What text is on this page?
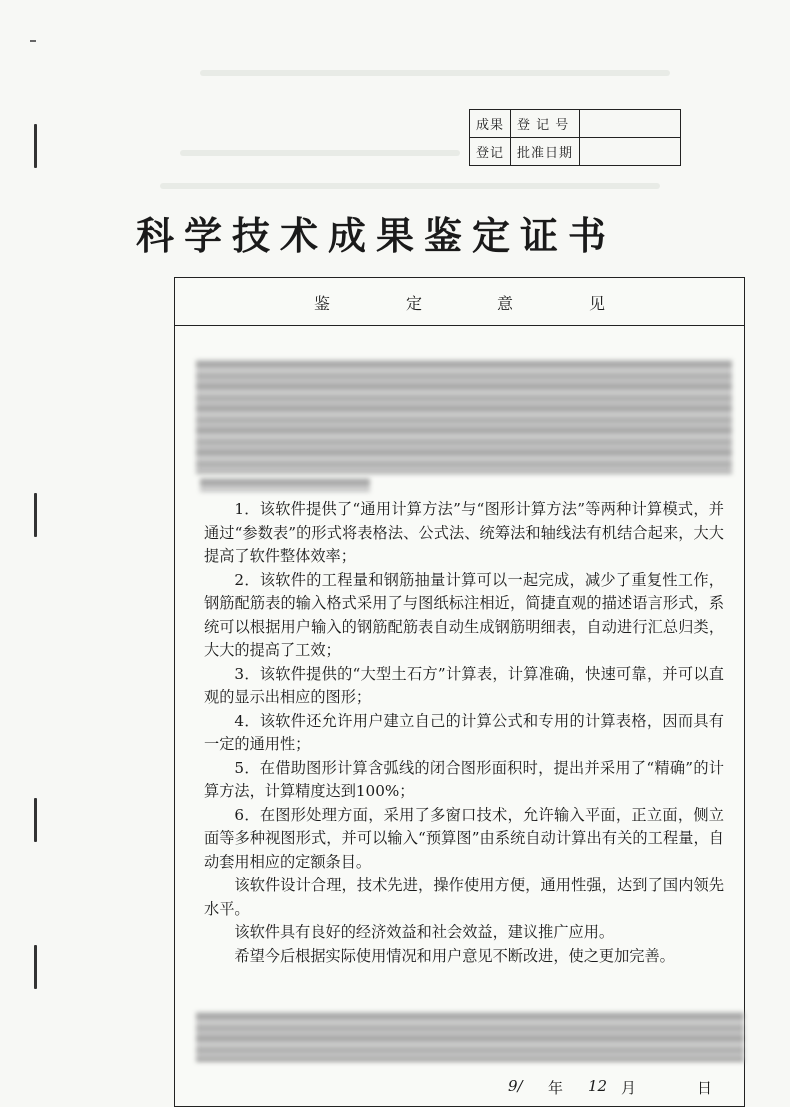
成果	登 记 号	
登记	批准日期	
科学技术成果鉴定证书
鉴	定	意	见

1．该软件提供了“通用计算方法”与“图形计算方法”等两种计算模式，并通过“参数表”的形式将表格法、公式法、统筹法和轴线法有机结合起来，大大提高了软件整体效率；

2．该软件的工程量和钢筋抽量计算可以一起完成，减少了重复性工作，钢筋配筋表的输入格式采用了与图纸标注相近，简捷直观的描述语言形式，系统可以根据用户输入的钢筋配筋表自动生成钢筋明细表，自动进行汇总归类，大大的提高了工效；

3．该软件提供的“大型土石方”计算表，计算准确，快速可靠，并可以直观的显示出相应的图形；

4．该软件还允许用户建立自己的计算公式和专用的计算表格，因而具有一定的通用性；

5．在借助图形计算含弧线的闭合图形面积时，提出并采用了“精确”的计算方法，计算精度达到100%；

6．在图形处理方面，采用了多窗口技术，允许输入平面，正立面，侧立面等多种视图形式，并可以输入“预算图”由系统自动计算出有关的工程量，自动套用相应的定额条目。

该软件设计合理，技术先进，操作使用方便，通用性强，达到了国内领先水平。

该软件具有良好的经济效益和社会效益，建议推广应用。

希望今后根据实际使用情况和用户意见不断改进，使之更加完善。

9/ 年 12 月	日
